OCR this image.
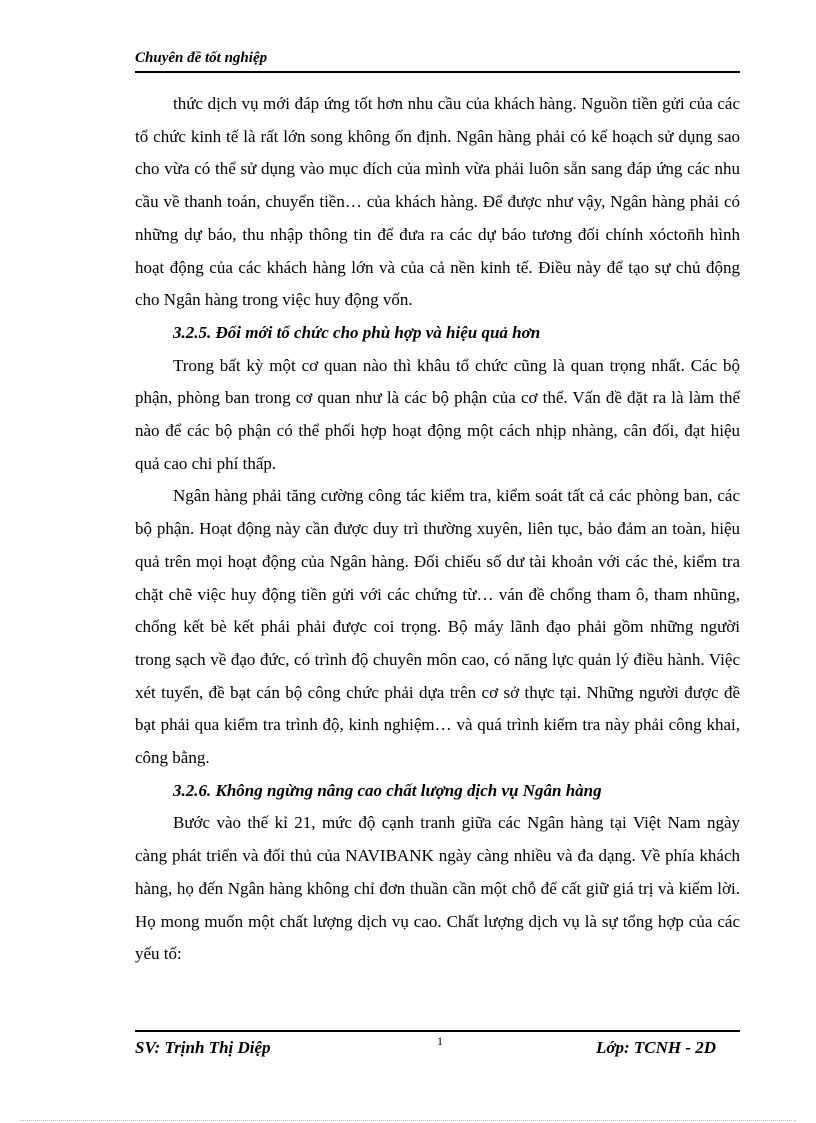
Chuyên đề tốt nghiệp

thức dịch vụ mới đáp ứng tốt hơn nhu cầu của khách hàng. Nguồn tiền gửi của các tổ chức kinh tế là rất lớn song không ổn định. Ngân hàng phải có kế hoạch sử dụng sao cho vừa có thể sử dụng vào mục đích của mình vừa phải luôn sẵn sang đáp ứng các nhu cầu về thanh toán, chuyển tiền… của khách hàng. Để được như vậy, Ngân hàng phải có những dự báo, thu nhập thông tin để đưa ra các dự báo tương đối chính xócton̄h hình hoạt động của các khách hàng lớn và của cả nền kinh tế. Điều này để tạo sự chủ động cho Ngân hàng trong việc huy động vốn.

3.2.5. Đổi mới tổ chức cho phù hợp và hiệu quả hơn

Trong bất kỳ một cơ quan nào thì khâu tổ chức cũng là quan trọng nhất. Các bộ phận, phòng ban trong cơ quan như là các bộ phận của cơ thể. Vấn đề đặt ra là làm thế nào để các bộ phận có thể phối hợp hoạt động một cách nhịp nhàng, cân đối, đạt hiệu quả cao chi phí thấp.

Ngân hàng phải tăng cường công tác kiểm tra, kiểm soát tất cả các phòng ban, các bộ phận. Hoạt động này cần được duy trì thường xuyên, liên tục, bảo đảm an toàn, hiệu quả trên mọi hoạt động của Ngân hàng. Đối chiếu số dư tài khoản với các thẻ, kiểm tra chặt chẽ việc huy động tiền gửi với các chứng từ… ván đề chống tham ô, tham nhũng, chống kết bè kết phái phải được coi trọng. Bộ máy lãnh đạo phải gồm những người trong sạch về đạo đức, có trình độ chuyên môn cao, có năng lực quản lý điều hành. Việc xét tuyển, đề bạt cán bộ công chức phải dựa trên cơ sở thực tại. Những người được đề bạt phải qua kiểm tra trình độ, kinh nghiệm… và quá trình kiểm tra này phải công khai, công bằng.

3.2.6. Không ngừng nâng cao chất lượng dịch vụ Ngân hàng

Bước vào thế kỉ 21, mức độ cạnh tranh giữa các Ngân hàng tại Việt Nam ngày càng phát triển và đối thủ của NAVIBANK ngày càng nhiều và đa dạng. Về phía khách hàng, họ đến Ngân hàng không chỉ đơn thuần cần một chỗ để cất giữ giá trị và kiếm lời. Họ mong muốn một chất lượng dịch vụ cao. Chất lượng dịch vụ là sự tổng hợp của các yếu tố:

SV: Trịnh Thị Diệp	1	Lớp: TCNH - 2D
